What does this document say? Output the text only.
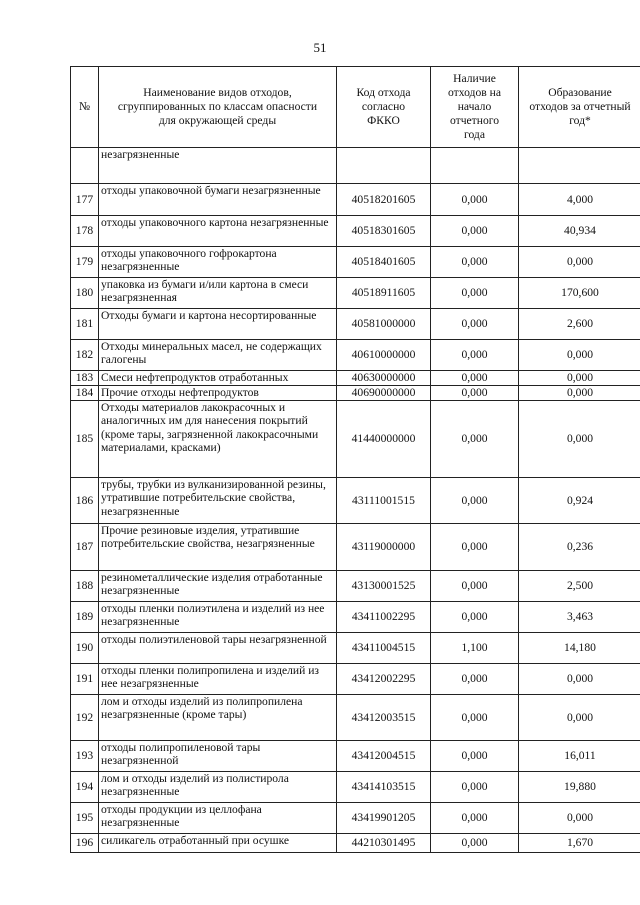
51
№	Наименование видов отходов, сгруппированных по классам опасности для окружающей среды	Код отхода согласно ФККО	Наличие отходов на начало отчетного года	Образование отходов за отчетный год*
	незагрязненные			
177	отходы упаковочной бумаги незагрязненные	40518201605	0,000	4,000
178	отходы упаковочного картона незагрязненные	40518301605	0,000	40,934
179	отходы упаковочного гофрокартона незагрязненные	40518401605	0,000	0,000
180	упаковка из бумаги и/или картона в смеси незагрязненная	40518911605	0,000	170,600
181	Отходы бумаги и картона несортированные	40581000000	0,000	2,600
182	Отходы минеральных масел, не содержащих галогены	40610000000	0,000	0,000
183	Смеси нефтепродуктов отработанных	40630000000	0,000	0,000
184	Прочие отходы нефтепродуктов	40690000000	0,000	0,000
185	Отходы материалов лакокрасочных и аналогичных им для нанесения покрытий (кроме тары, загрязненной лакокрасочными материалами, красками)	41440000000	0,000	0,000
186	трубы, трубки из вулканизированной резины, утратившие потребительские свойства, незагрязненные	43111001515	0,000	0,924
187	Прочие резиновые изделия, утратившие потребительские свойства, незагрязненные	43119000000	0,000	0,236
188	резинометаллические изделия отработанные незагрязненные	43130001525	0,000	2,500
189	отходы пленки полиэтилена и изделий из нее незагрязненные	43411002295	0,000	3,463
190	отходы полиэтиленовой тары незагрязненной	43411004515	1,100	14,180
191	отходы пленки полипропилена и изделий из нее незагрязненные	43412002295	0,000	0,000
192	лом и отходы изделий из полипропилена незагрязненные (кроме тары)	43412003515	0,000	0,000
193	отходы полипропиленовой тары незагрязненной	43412004515	0,000	16,011
194	лом и отходы изделий из полистирола незагрязненные	43414103515	0,000	19,880
195	отходы продукции из целлофана незагрязненные	43419901205	0,000	0,000
196	силикагель отработанный при осушке	44210301495	0,000	1,670
